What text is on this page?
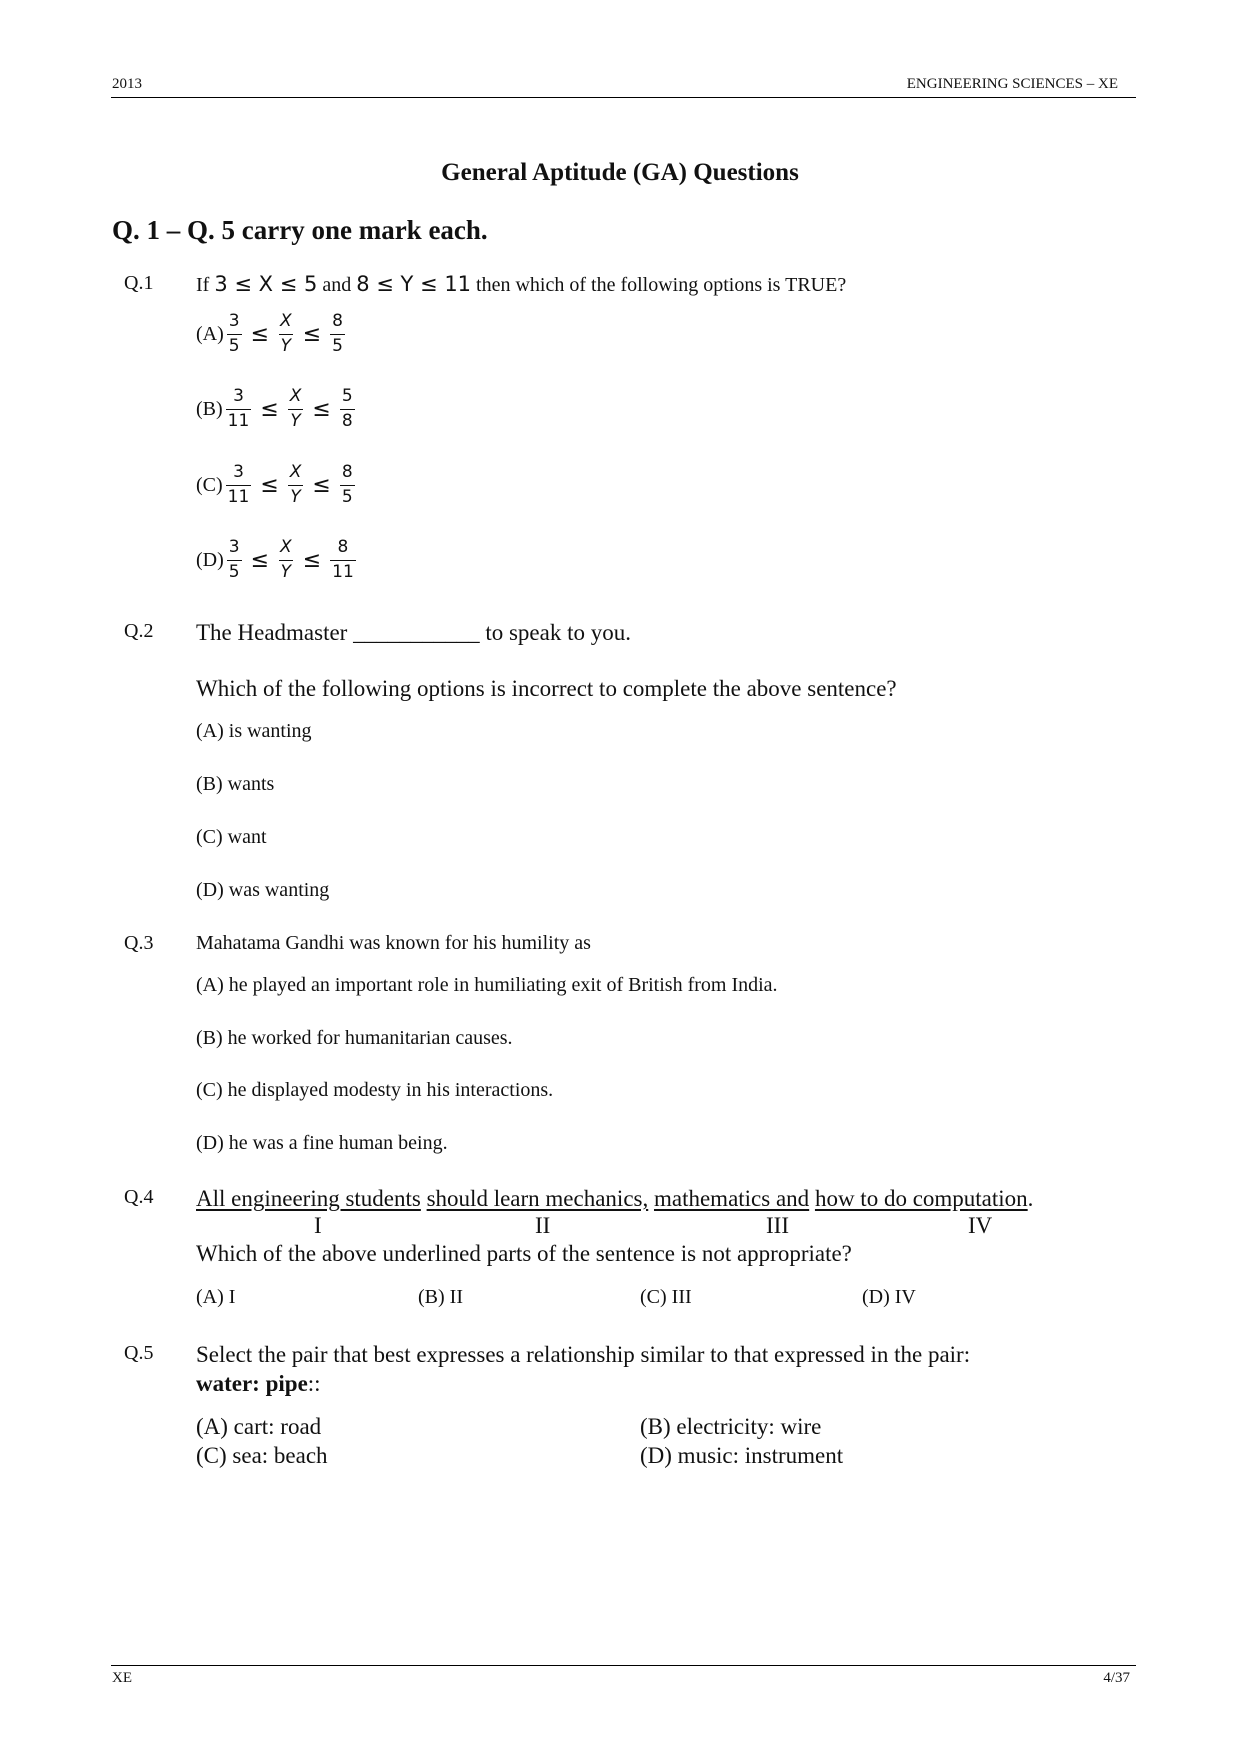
2013	ENGINEERING SCIENCES – XE
General Aptitude (GA) Questions
Q. 1 – Q. 5 carry one mark each.
Q.1 If 3 ≤ X ≤ 5 and 8 ≤ Y ≤ 11 then which of the following options is TRUE?
$(A) \frac{3}{5} \le \frac{X}{Y} \le \frac{8}{5}$
$(B) \frac{3}{11} \le \frac{X}{Y} \le \frac{5}{8}$
$(C) \frac{3}{11} \le \frac{X}{Y} \le \frac{8}{5}$
$(D) \frac{3}{5} \le \frac{X}{Y} \le \frac{8}{11}$
Q.2 The Headmaster ___________ to speak to you.
Which of the following options is incorrect to complete the above sentence?
(A) is wanting
(B) wants
(C) want
(D) was wanting
Q.3 Mahatama Gandhi was known for his humility as
(A) he played an important role in humiliating exit of British from India.
(B) he worked for humanitarian causes.
(C) he displayed modesty in his interactions.
(D) he was a fine human being.
Q.4 All engineering students should learn mechanics, mathematics and how to do computation.
I	II	III	IV
Which of the above underlined parts of the sentence is not appropriate?
(A) I	(B) II	(C) III	(D) IV
Q.5 Select the pair that best expresses a relationship similar to that expressed in the pair:
water: pipe::
(A) cart: road	(B) electricity: wire
(C) sea: beach	(D) music: instrument
XE	4/37
